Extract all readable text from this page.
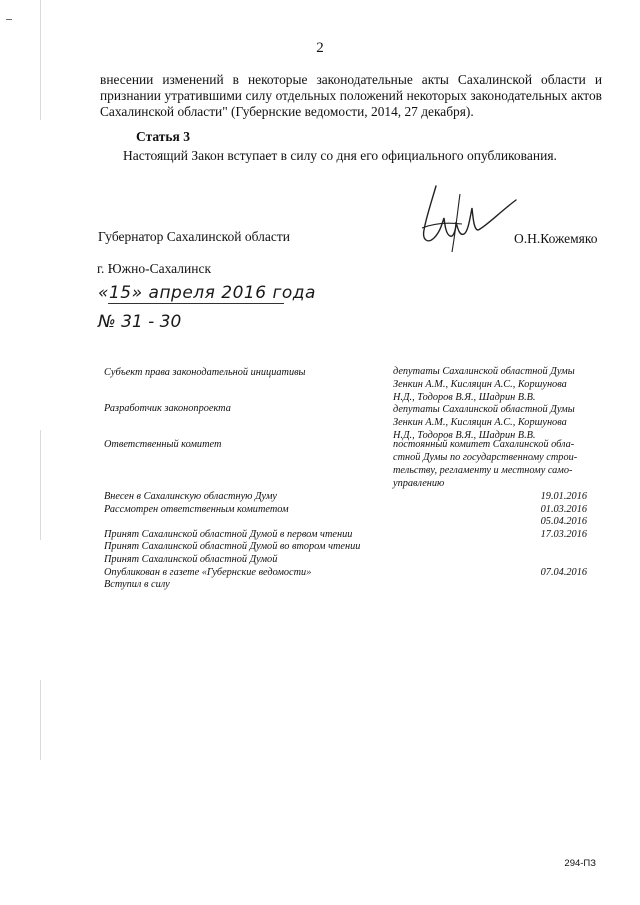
2

внесении изменений в некоторые законодательные акты Сахалинской области и признании утратившими силу отдельных положений некоторых законодательных актов Сахалинской области" (Губернские ведомости, 2014, 27 декабря).

Статья 3
Настоящий Закон вступает в силу со дня его официального опубликования.
Губернатор Сахалинской области	О.Н.Кожемяко
г. Южно-Сахалинск
«15» апреля 2016 года
№ 31 - 30
Субъект права законодательной инициативы
Разработчик законопроекта
Ответственный комитет
депутаты Сахалинской областной Думы
Зенкин А.М., Кисляцин А.С., Коршунова
Н.Д., Тодоров В.Я., Шадрин В.В.
депутаты Сахалинской областной Думы
Зенкин А.М., Кисляцин А.С., Коршунова
Н.Д., Тодоров В.Я., Шадрин В.В.
постоянный комитет Сахалинской обла-
стной Думы по государственному строи-
тельству, регламенту и местному само-
управлению
Внесен в Сахалинскую областную Думу
Рассмотрен ответственным комитетом
Принят Сахалинской областной Думой в первом чтении
Принят Сахалинской областной Думой во втором чтении
Принят Сахалинской областной Думой
Опубликован в газете «Губернские ведомости»
Вступил в силу
19.01.2016
01.03.2016
05.04.2016
17.03.2016
07.04.2016
294-ПЗ
